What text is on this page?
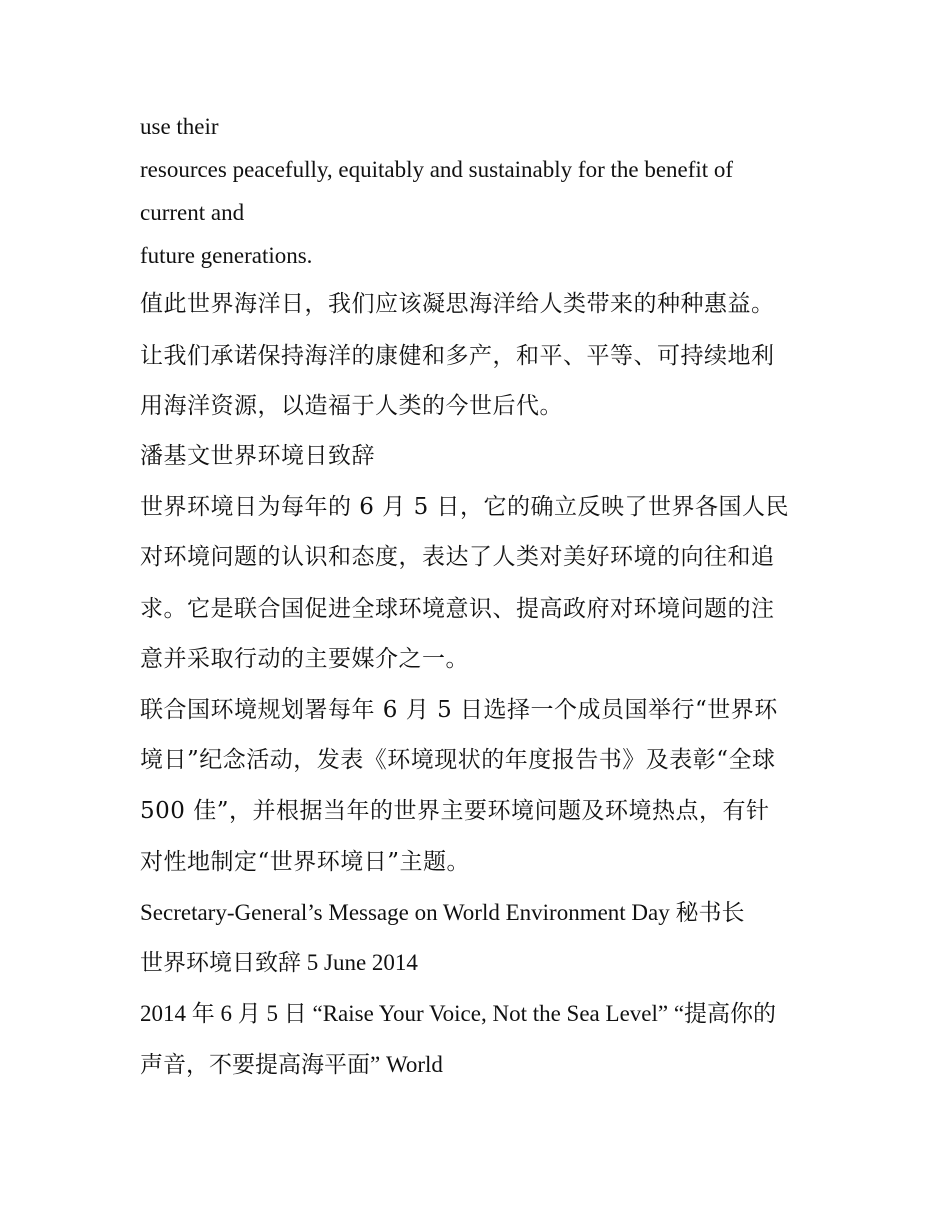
use their

resources peacefully, equitably and sustainably for the benefit of

current and

future generations.

值此世界海洋日，我们应该凝思海洋给人类带来的种种惠益。

让我们承诺保持海洋的康健和多产，和平、平等、可持续地利

用海洋资源，以造福于人类的今世后代。

潘基文世界环境日致辞

世界环境日为每年的 6 月 5 日，它的确立反映了世界各国人民

对环境问题的认识和态度，表达了人类对美好环境的向往和追

求。它是联合国促进全球环境意识、提高政府对环境问题的注

意并采取行动的主要媒介之一。

联合国环境规划署每年 6 月 5 日选择一个成员国举行“世界环

境日”纪念活动，发表《环境现状的年度报告书》及表彰“全球

500 佳”，并根据当年的世界主要环境问题及环境热点，有针

对性地制定“世界环境日”主题。

Secretary-General’s Message on World Environment Day 秘书长

世界环境日致辞 5 June 2014

2014 年 6 月 5 日 “Raise Your Voice, Not the Sea Level” “提高你的

声音，不要提高海平面” World
